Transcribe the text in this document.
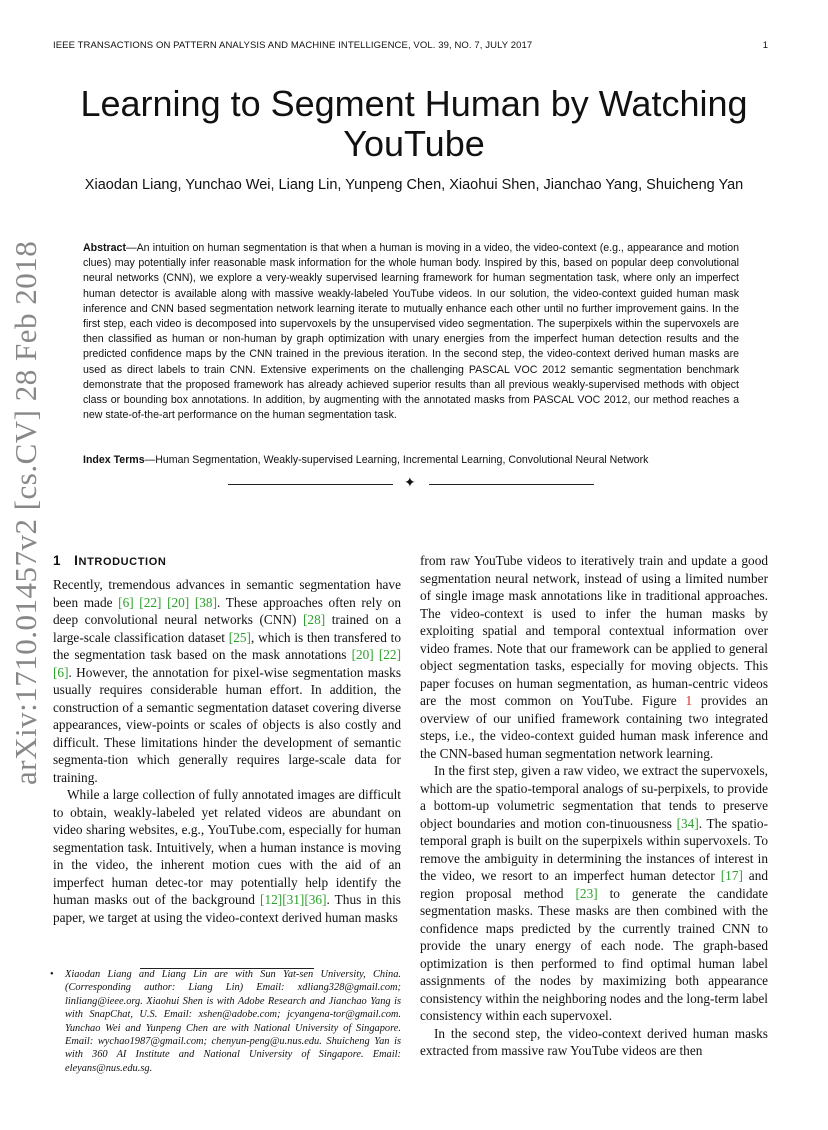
IEEE TRANSACTIONS ON PATTERN ANALYSIS AND MACHINE INTELLIGENCE, VOL. 39, NO. 7, JULY 2017	1
Learning to Segment Human by Watching YouTube
Xiaodan Liang, Yunchao Wei, Liang Lin, Yunpeng Chen, Xiaohui Shen, Jianchao Yang, Shuicheng Yan
Abstract—An intuition on human segmentation is that when a human is moving in a video, the video-context (e.g., appearance and motion clues) may potentially infer reasonable mask information for the whole human body. Inspired by this, based on popular deep convolutional neural networks (CNN), we explore a very-weakly supervised learning framework for human segmentation task, where only an imperfect human detector is available along with massive weakly-labeled YouTube videos. In our solution, the video-context guided human mask inference and CNN based segmentation network learning iterate to mutually enhance each other until no further improvement gains. In the first step, each video is decomposed into supervoxels by the unsupervised video segmentation. The superpixels within the supervoxels are then classified as human or non-human by graph optimization with unary energies from the imperfect human detection results and the predicted confidence maps by the CNN trained in the previous iteration. In the second step, the video-context derived human masks are used as direct labels to train CNN. Extensive experiments on the challenging PASCAL VOC 2012 semantic segmentation benchmark demonstrate that the proposed framework has already achieved superior results than all previous weakly-supervised methods with object class or bounding box annotations. In addition, by augmenting with the annotated masks from PASCAL VOC 2012, our method reaches a new state-of-the-art performance on the human segmentation task.
Index Terms—Human Segmentation, Weakly-supervised Learning, Incremental Learning, Convolutional Neural Network
✦
arXiv:1710.01457v2 [cs.CV] 28 Feb 2018 1 INTRODUCTION

Recently, tremendous advances in semantic segmentation have been made [6] [22] [20] [38]. These approaches often rely on deep convolutional neural networks (CNN) [28] trained on a large-scale classification dataset [25], which is then transfered to the segmentation task based on the mask annotations [20] [22] [6]. However, the annotation for pixel-wise segmentation masks usually requires considerable human effort. In addition, the construction of a semantic segmentation dataset covering diverse appearances, view-points or scales of objects is also costly and difficult. These limitations hinder the development of semantic segmenta-tion which generally requires large-scale data for training.

While a large collection of fully annotated images are difficult to obtain, weakly-labeled yet related videos are abundant on video sharing websites, e.g., YouTube.com, especially for human segmentation task. Intuitively, when a human instance is moving in the video, the inherent motion cues with the aid of an imperfect human detec-tor may potentially help identify the human masks out of the background [12][31][36]. Thus in this paper, we target at using the video-context derived human masks

• Xiaodan Liang and Liang Lin are with Sun Yat-sen University, China. (Corresponding author: Liang Lin) Email: xdliang328@gmail.com; linliang@ieee.org. Xiaohui Shen is with Adobe Research and Jianchao Yang is with SnapChat, U.S. Email: xshen@adobe.com; jcyangena-tor@gmail.com. Yunchao Wei and Yunpeng Chen are with National University of Singapore. Email: wychao1987@gmail.com; chenyun-peng@u.nus.edu. Shuicheng Yan is with 360 AI Institute and National University of Singapore. Email: eleyans@nus.edu.sg.

from raw YouTube videos to iteratively train and update a good segmentation neural network, instead of using a limited number of single image mask annotations like in traditional approaches. The video-context is used to infer the human masks by exploiting spatial and temporal contextual information over video frames. Note that our framework can be applied to general object segmentation tasks, especially for moving objects. This paper focuses on human segmentation, as human-centric videos are the most common on YouTube. Figure 1 provides an overview of our unified framework containing two integrated steps, i.e., the video-context guided human mask inference and the CNN-based human segmentation network learning.

In the first step, given a raw video, we extract the supervoxels, which are the spatio-temporal analogs of su-perpixels, to provide a bottom-up volumetric segmentation that tends to preserve object boundaries and motion con-tinuousness [34]. The spatio-temporal graph is built on the superpixels within supervoxels. To remove the ambiguity in determining the instances of interest in the video, we resort to an imperfect human detector [17] and region proposal method [23] to generate the candidate segmentation masks. These masks are then combined with the confidence maps predicted by the currently trained CNN to provide the unary energy of each node. The graph-based optimization is then performed to find optimal human label assignments of the nodes by maximizing both appearance consistency within the neighboring nodes and the long-term label consistency within each supervoxel.

In the second step, the video-context derived human masks extracted from massive raw YouTube videos are then
